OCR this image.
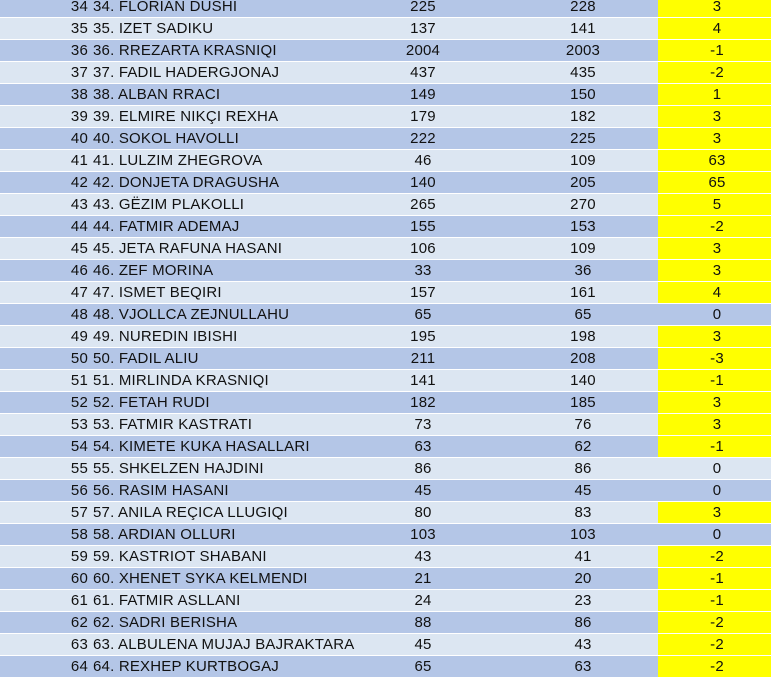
34 34. FLORIAN DUSHI	225	228	3
35 35. IZET SADIKU	137	141	4
36 36. RREZARTA KRASNIQI	2004	2003	-1
37 37. FADIL HADERGJONAJ	437	435	-2
38 38. ALBAN RRACI	149	150	1
39 39. ELMIRE NIKÇI REXHA	179	182	3
40 40. SOKOL HAVOLLI	222	225	3
41 41. LULZIM ZHEGROVA	46	109	63
42 42. DONJETA DRAGUSHA	140	205	65
43 43. GËZIM PLAKOLLI	265	270	5
44 44. FATMIR ADEMAJ	155	153	-2
45 45. JETA RAFUNA HASANI	106	109	3
46 46. ZEF MORINA	33	36	3
47 47. ISMET BEQIRI	157	161	4
48 48. VJOLLCA ZEJNULLAHU	65	65	0
49 49. NUREDIN IBISHI	195	198	3
50 50. FADIL ALIU	211	208	-3
51 51. MIRLINDA KRASNIQI	141	140	-1
52 52. FETAH RUDI	182	185	3
53 53. FATMIR KASTRATI	73	76	3
54 54. KIMETE KUKA HASALLARI	63	62	-1
55 55. SHKELZEN HAJDINI	86	86	0
56 56. RASIM HASANI	45	45	0
57 57. ANILA REÇICA LLUGIQI	80	83	3
58 58. ARDIAN OLLURI	103	103	0
59 59. KASTRIOT SHABANI	43	41	-2
60 60. XHENET SYKA KELMENDI	21	20	-1
61 61. FATMIR ASLLANI	24	23	-1
62 62. SADRI BERISHA	88	86	-2
63 63. ALBULENA MUJAJ BAJRAKTARA	45	43	-2
64 64. REXHEP KURTBOGAJ	65	63	-2
